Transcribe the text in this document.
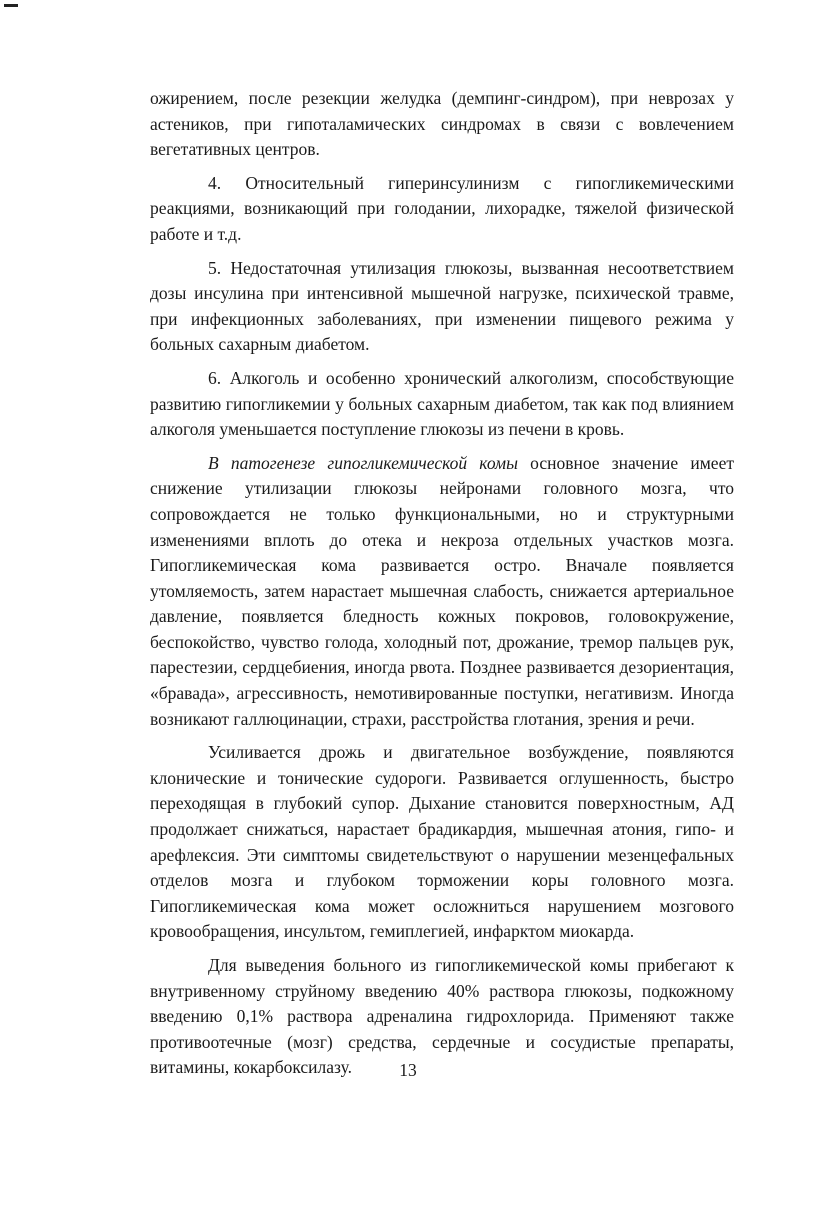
ожирением, после резекции желудка (демпинг-синдром), при неврозах у астеников, при гипоталамических синдромах в связи с вовлечением вегетативных центров.

4. Относительный гиперинсулинизм с гипогликемическими реакциями, возникающий при голодании, лихорадке, тяжелой физической работе и т.д.

5. Недостаточная утилизация глюкозы, вызванная несоответствием дозы инсулина при интенсивной мышечной нагрузке, психической травме, при инфекционных заболеваниях, при изменении пищевого режима у больных сахарным диабетом.

6. Алкоголь и особенно хронический алкоголизм, способствующие развитию гипогликемии у больных сахарным диабетом, так как под влиянием алкоголя уменьшается поступление глюкозы из печени в кровь.

В патогенезе гипогликемической комы основное значение имеет снижение утилизации глюкозы нейронами головного мозга, что сопровождается не только функциональными, но и структурными изменениями вплоть до отека и некроза отдельных участков мозга. Гипогликемическая кома развивается остро. Вначале появляется утомляемость, затем нарастает мышечная слабость, снижается артериальное давление, появляется бледность кожных покровов, головокружение, беспокойство, чувство голода, холодный пот, дрожание, тремор пальцев рук, парестезии, сердцебиения, иногда рвота. Позднее развивается дезориентация, «бравада», агрессивность, немотивированные поступки, негативизм. Иногда возникают галлюцинации, страхи, расстройства глотания, зрения и речи.

Усиливается дрожь и двигательное возбуждение, появляются клонические и тонические судороги. Развивается оглушенность, быстро переходящая в глубокий супор. Дыхание становится поверхностным, АД продолжает снижаться, нарастает брадикардия, мышечная атония, гипо- и арефлексия. Эти симптомы свидетельствуют о нарушении мезенцефальных отделов мозга и глубоком торможении коры головного мозга. Гипогликемическая кома может осложниться нарушением мозгового кровообращения, инсультом, гемиплегией, инфарктом миокарда.

Для выведения больного из гипогликемической комы прибегают к внутривенному струйному введению 40% раствора глюкозы, подкожному введению 0,1% раствора адреналина гидрохлорида. Применяют также противоотечные (мозг) средства, сердечные и сосудистые препараты, витамины, кокарбоксилазу.	13
